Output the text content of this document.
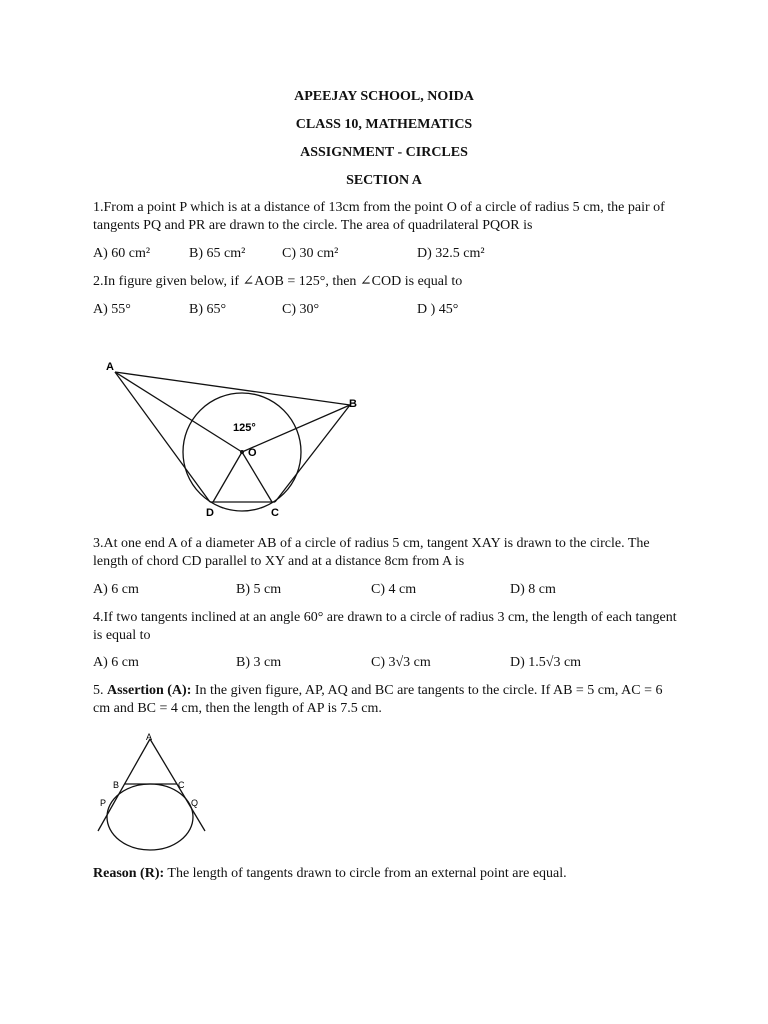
APEEJAY SCHOOL, NOIDA
CLASS 10, MATHEMATICS
ASSIGNMENT - CIRCLES
SECTION A
1.From a point P which is at a distance of 13cm from the point O of a circle of radius 5 cm, the pair of tangents PQ and PR are drawn to the circle. The area of quadrilateral PQOR is
A) 60 cm²	B) 65 cm²	C) 30 cm²	D) 32.5 cm²
2.In figure given below, if ∠AOB = 125°, then ∠COD is equal to
A) 55°	B) 65°	C) 30°	D ) 45°
A
B
O
D	C
125°
3.At one end A of a diameter AB of a circle of radius 5 cm, tangent XAY is drawn to the circle. The length of chord CD parallel to XY and at a distance 8cm from A is
A) 6 cm	B) 5 cm	C) 4 cm	D) 8 cm
4.If two tangents inclined at an angle 60° are drawn to a circle of radius 3 cm, the length of each tangent is equal to
A) 6 cm	B) 3 cm	C) 3√3 cm	D) 1.5√3 cm
5. Assertion (A): In the given figure, AP, AQ and BC are tangents to the circle. If AB = 5 cm, AC = 6 cm and BC = 4 cm, then the length of AP is 7.5 cm.
A
B	C
P	Q
Reason (R): The length of tangents drawn to circle from an external point are equal.
